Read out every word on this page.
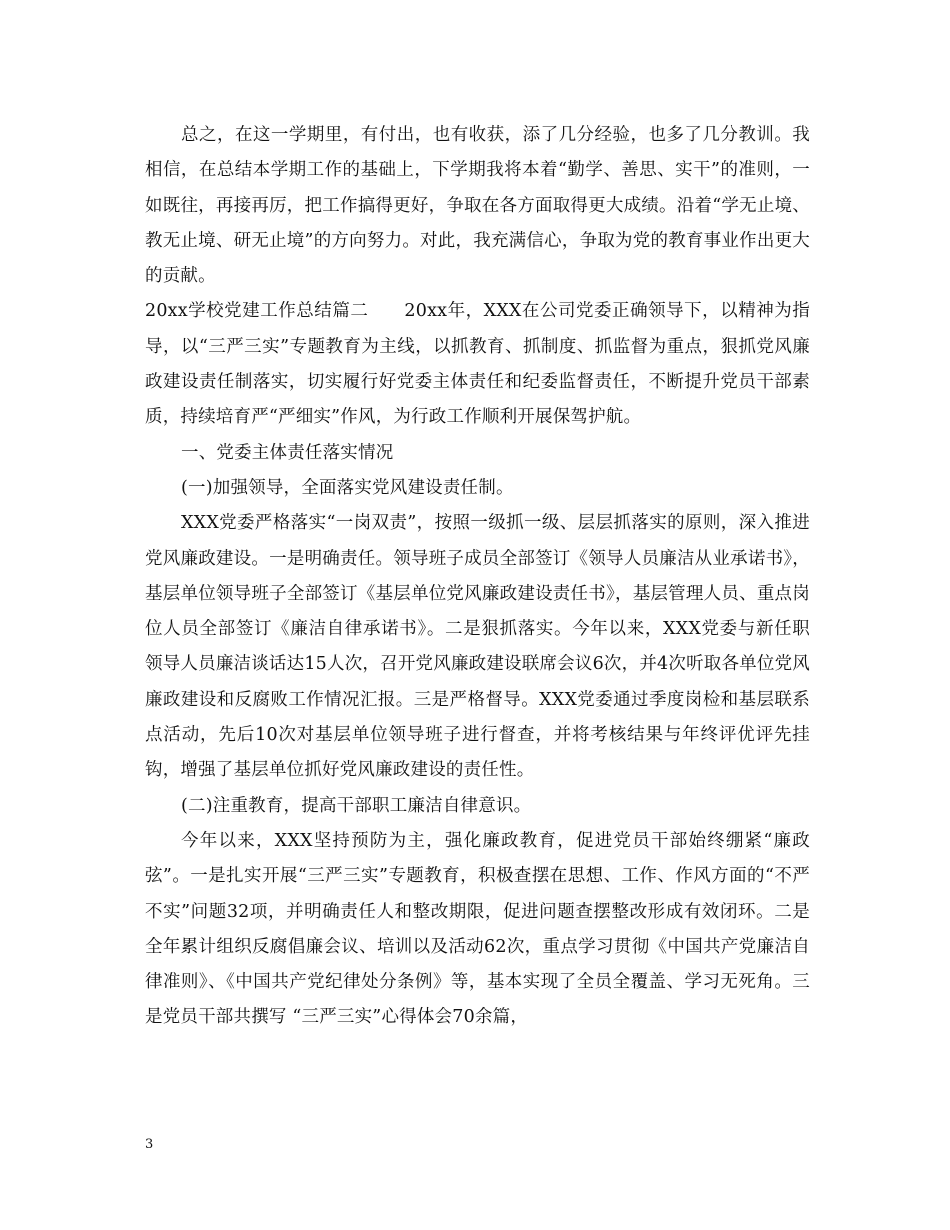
总之，在这一学期里，有付出，也有收获，添了几分经验，也多了几分教训。我相信，在总结本学期工作的基础上，下学期我将本着“勤学、善思、实干”的准则，一如既往，再接再厉，把工作搞得更好，争取在各方面取得更大成绩。沿着“学无止境、教无止境、研无止境”的方向努力。对此，我充满信心，争取为党的教育事业作出更大的贡献。

20xx学校党建工作总结篇二　　20xx年，XXX在公司党委正确领导下，以精神为指导，以“三严三实”专题教育为主线，以抓教育、抓制度、抓监督为重点，狠抓党风廉政建设责任制落实，切实履行好党委主体责任和纪委监督责任，不断提升党员干部素质，持续培育严“严细实”作风，为行政工作顺利开展保驾护航。

一、党委主体责任落实情况

(一)加强领导，全面落实党风建设责任制。

XXX党委严格落实“一岗双责”，按照一级抓一级、层层抓落实的原则，深入推进党风廉政建设。一是明确责任。领导班子成员全部签订《领导人员廉洁从业承诺书》，基层单位领导班子全部签订《基层单位党风廉政建设责任书》，基层管理人员、重点岗位人员全部签订《廉洁自律承诺书》。二是狠抓落实。今年以来，XXX党委与新任职领导人员廉洁谈话达15人次，召开党风廉政建设联席会议6次，并4次听取各单位党风廉政建设和反腐败工作情况汇报。三是严格督导。XXX党委通过季度岗检和基层联系点活动，先后10次对基层单位领导班子进行督查，并将考核结果与年终评优评先挂钩，增强了基层单位抓好党风廉政建设的责任性。

(二)注重教育，提高干部职工廉洁自律意识。

今年以来，XXX坚持预防为主，强化廉政教育，促进党员干部始终绷紧“廉政弦”。一是扎实开展“三严三实”专题教育，积极查摆在思想、工作、作风方面的“不严不实”问题32项，并明确责任人和整改期限，促进问题查摆整改形成有效闭环。二是全年累计组织反腐倡廉会议、培训以及活动62次，重点学习贯彻《中国共产党廉洁自律准则》、《中国共产党纪律处分条例》等，基本实现了全员全覆盖、学习无死角。三是党员干部共撰写 “三严三实”心得体会70余篇，

3
